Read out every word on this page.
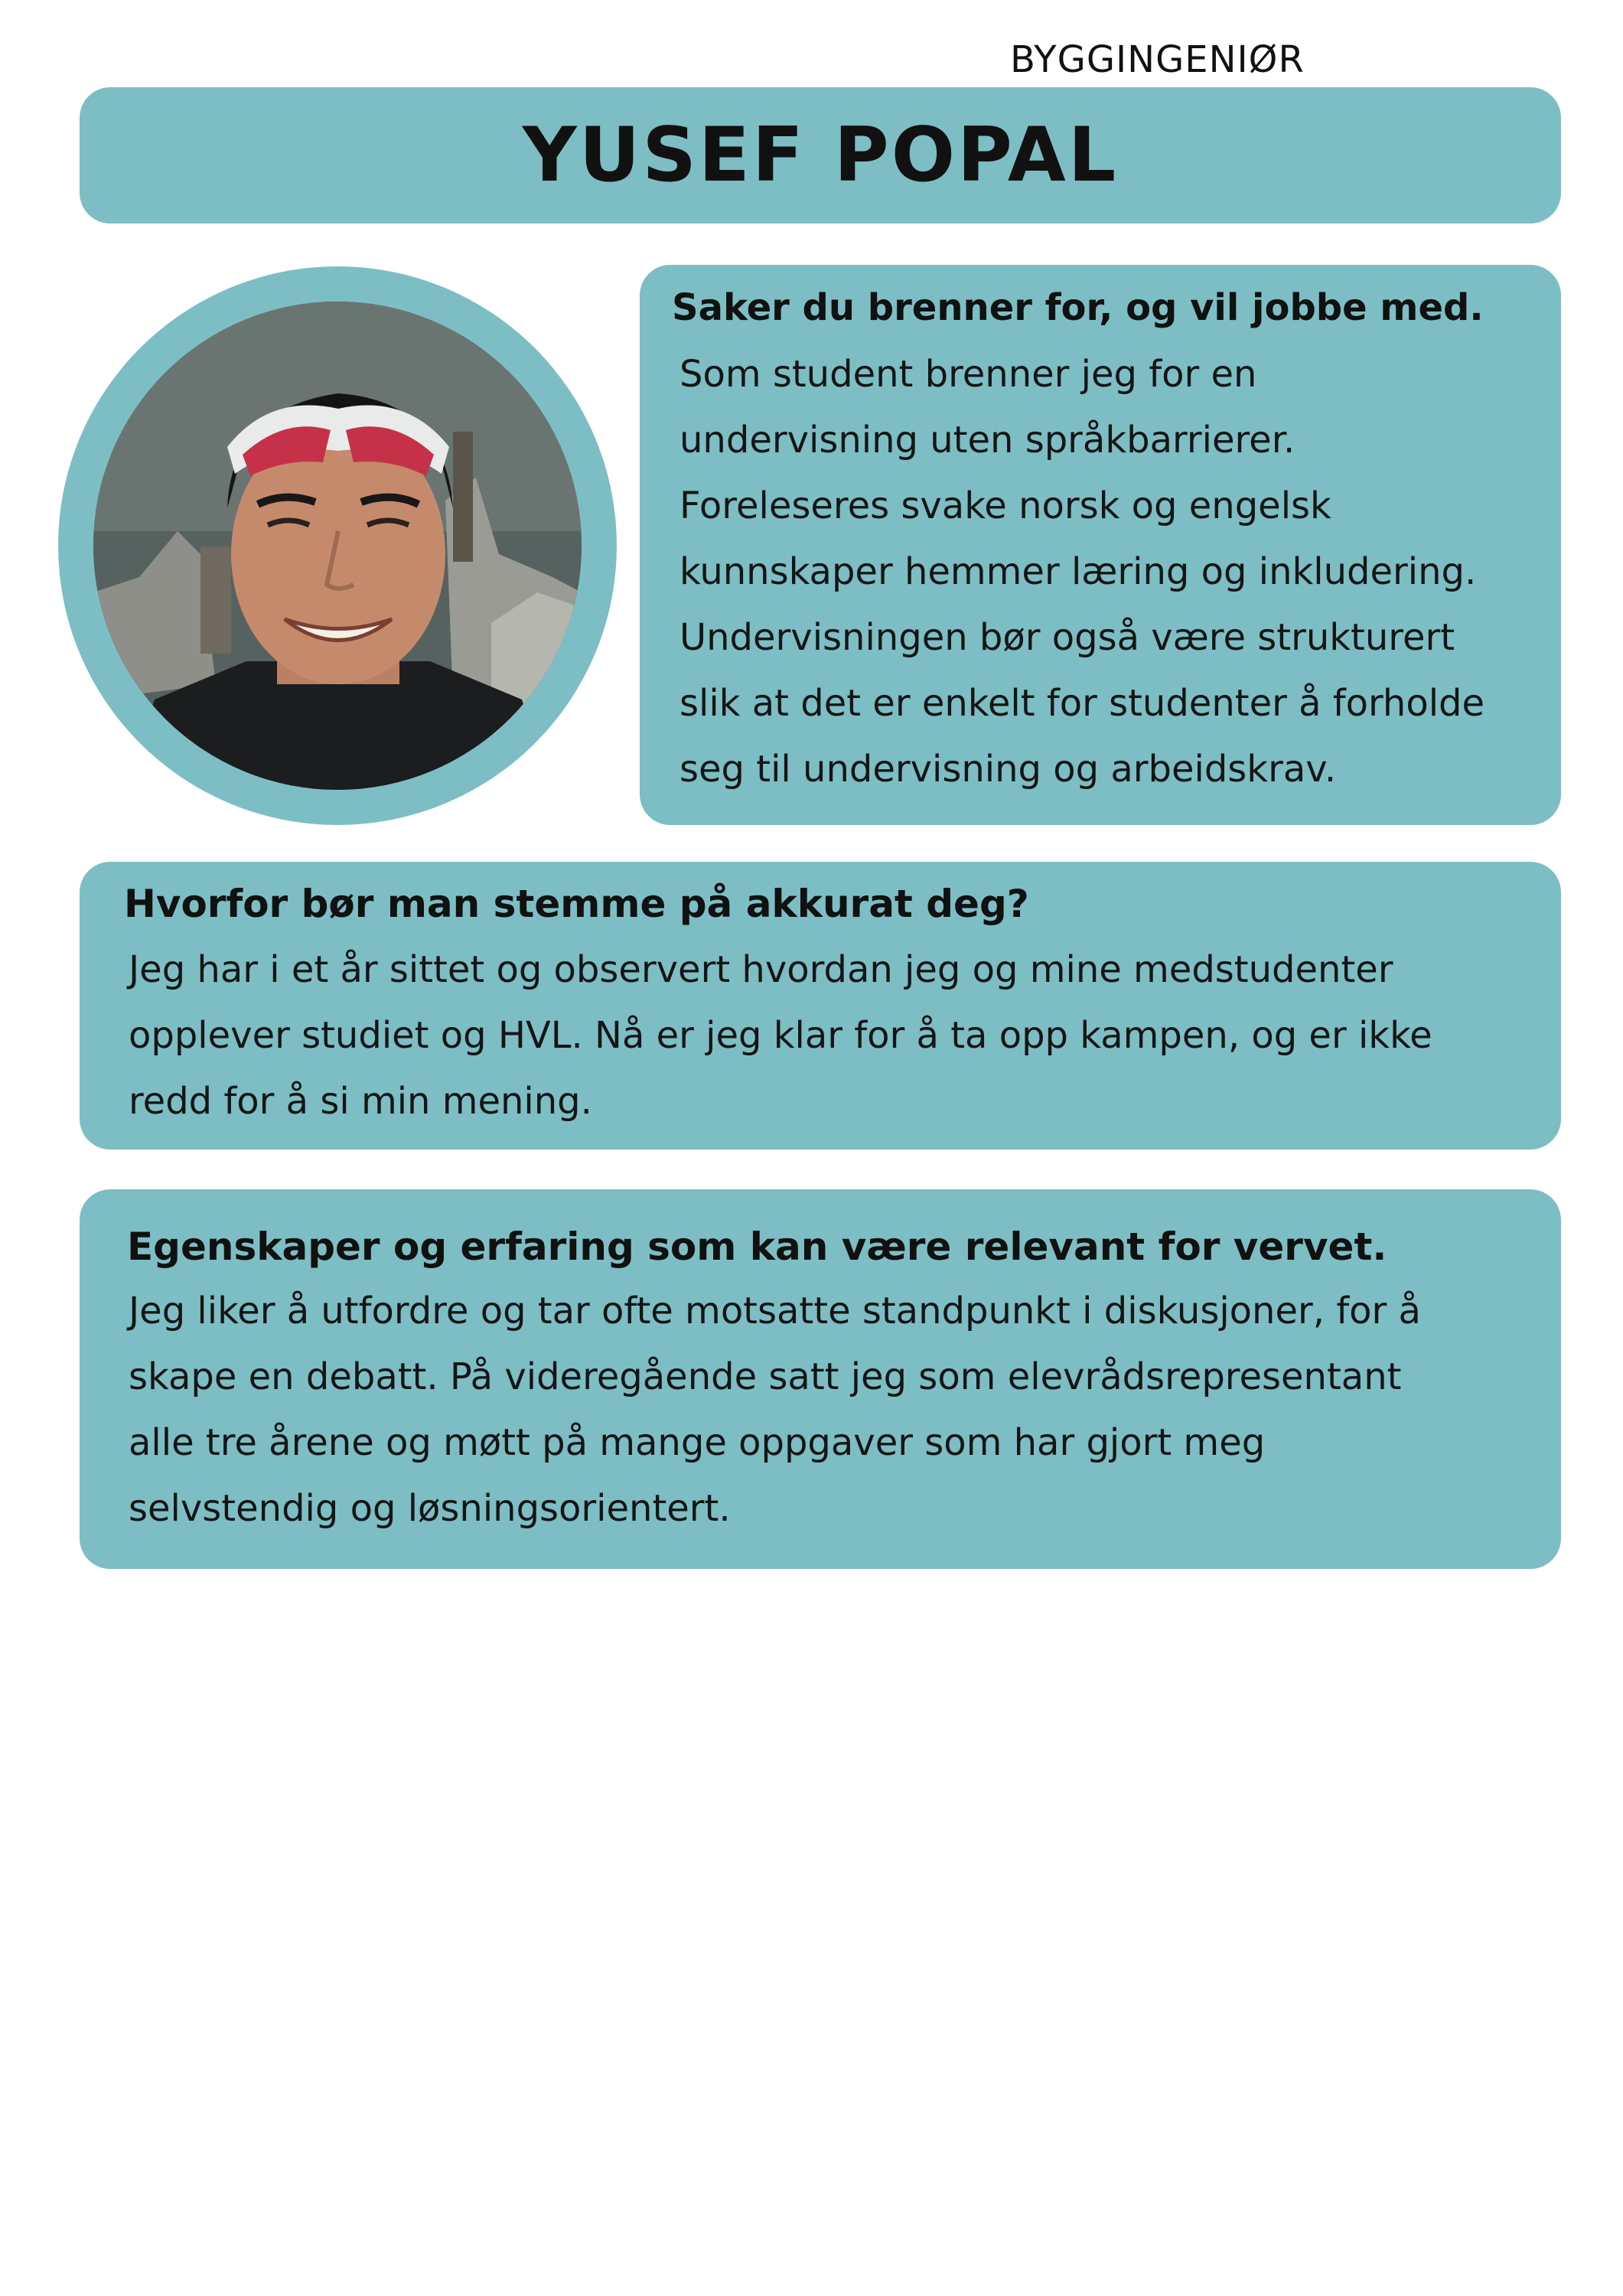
BYGGINGENIØR
YUSEF POPAL
Saker du brenner for, og vil jobbe med.

Som student brenner jeg for en

undervisning uten språkbarrierer.

Foreleseres svake norsk og engelsk

kunnskaper hemmer læring og inkludering.

Undervisningen bør også være strukturert

slik at det er enkelt for studenter å forholde

seg til undervisning og arbeidskrav.

Hvorfor bør man stemme på akkurat deg?

Jeg har i et år sittet og observert hvordan jeg og mine medstudenter

opplever studiet og HVL. Nå er jeg klar for å ta opp kampen, og er ikke

redd for å si min mening.

Egenskaper og erfaring som kan være relevant for vervet.

Jeg liker å utfordre og tar ofte motsatte standpunkt i diskusjoner, for å

skape en debatt. På videregående satt jeg som elevrådsrepresentant

alle tre årene og møtt på mange oppgaver som har gjort meg

selvstendig og løsningsorientert.
